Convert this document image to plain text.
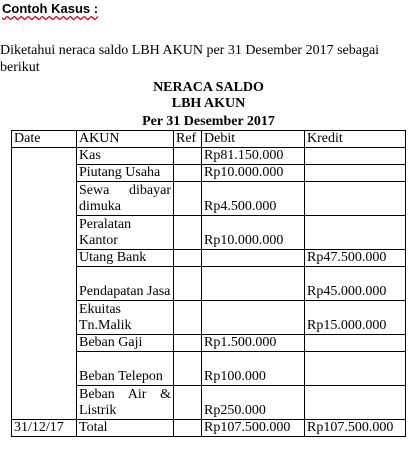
Contoh Kasus :
Diketahui neraca saldo LBH AKUN per 31 Desember 2017 sebagai
berikut
NERACA SALDO
LBH AKUN
Per 31 Desember 2017
Date	AKUN	Ref	Debit	Kredit
	Kas		Rp81.150.000	
	Piutang Usaha		Rp10.000.000	
	Sewa dibayar dimuka		Rp4.500.000	
	Peralatan Kantor		Rp10.000.000	
	Utang Bank			Rp47.500.000
	Pendapatan Jasa			Rp45.000.000
	Ekuitas Tn.Malik			Rp15.000.000
	Beban Gaji		Rp1.500.000	
	Beban Telepon		Rp100.000	
	Beban Air & Listrik		Rp250.000	
31/12/17	Total		Rp107.500.000	Rp107.500.000
